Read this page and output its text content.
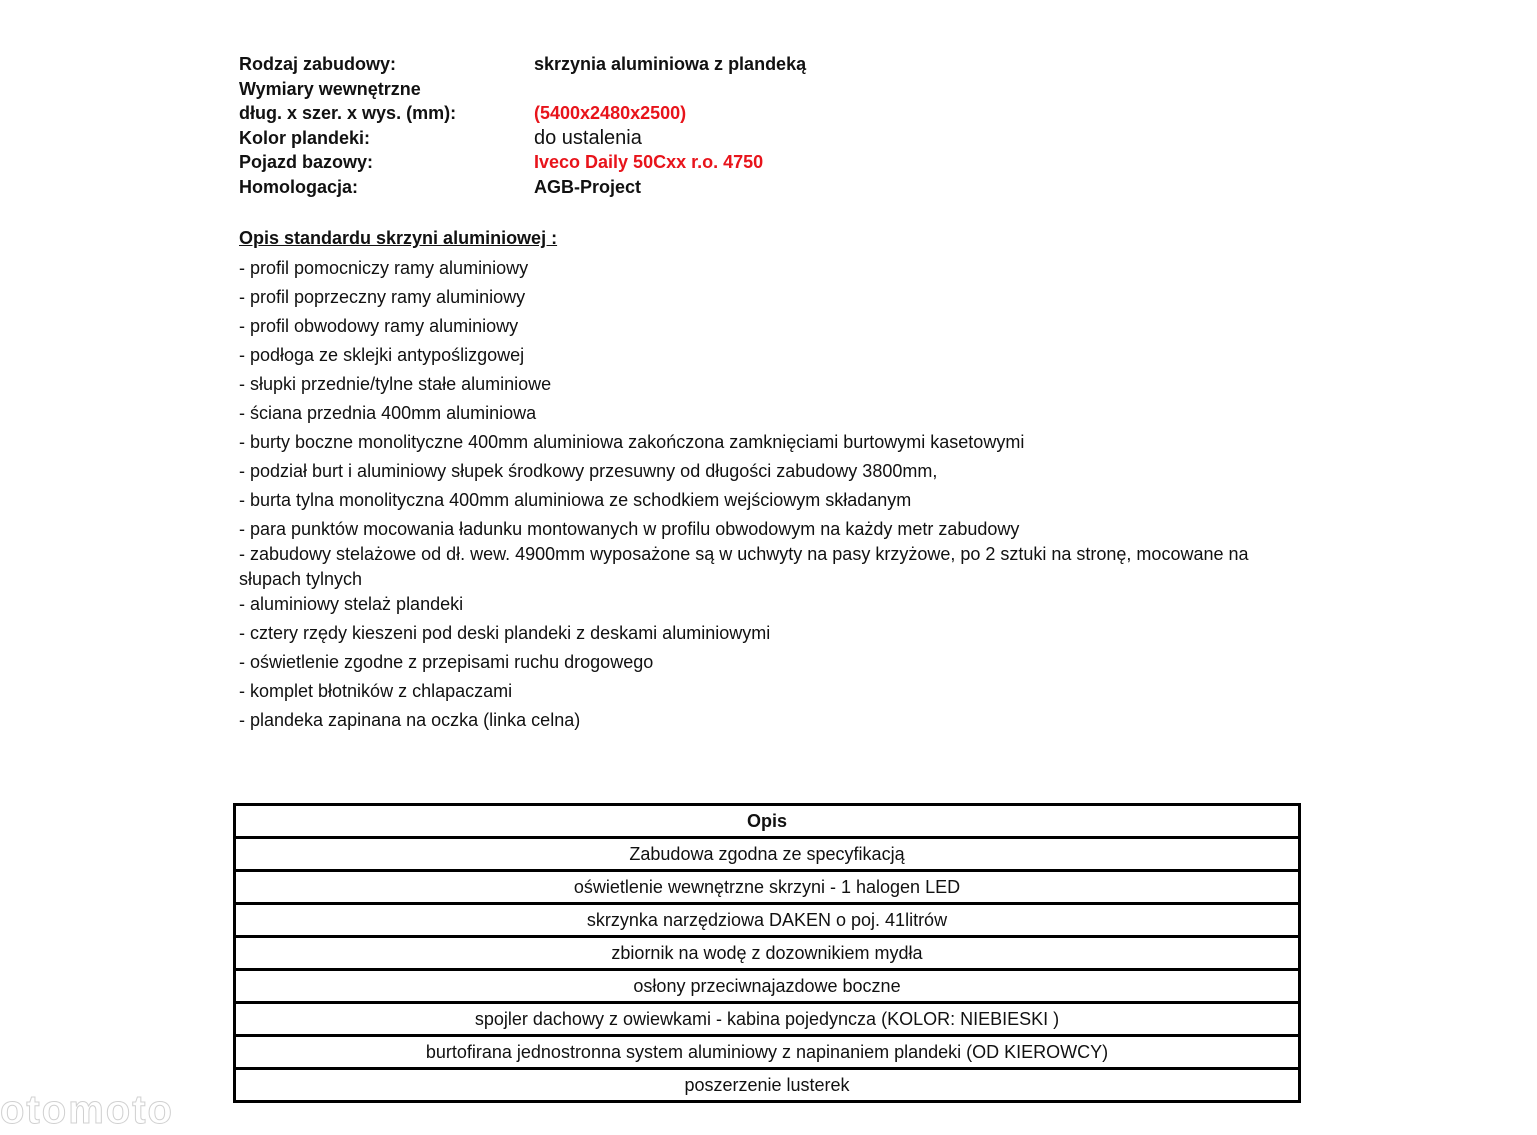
Rodzaj zabudowy:	skrzynia aluminiowa z plandeką
Wymiary wewnętrzne
dług. x szer. x wys. (mm):	(5400x2480x2500)
Kolor plandeki:	do ustalenia
Pojazd bazowy:	Iveco Daily 50Cxx r.o. 4750
Homologacja:	AGB-Project
Opis standardu skrzyni aluminiowej :
- profil pomocniczy ramy aluminiowy
- profil poprzeczny ramy aluminiowy
- profil obwodowy ramy aluminiowy
- podłoga ze sklejki antypoślizgowej
- słupki przednie/tylne stałe aluminiowe
- ściana przednia 400mm aluminiowa
- burty boczne monolityczne 400mm aluminiowa zakończona zamknięciami burtowymi kasetowymi
- podział burt i aluminiowy słupek środkowy przesuwny od długości zabudowy 3800mm,
- burta tylna monolityczna 400mm aluminiowa ze schodkiem wejściowym składanym
- para punktów mocowania ładunku montowanych w profilu obwodowym na każdy metr zabudowy
- zabudowy stelażowe od dł. wew. 4900mm wyposażone są w uchwyty na pasy krzyżowe, po 2 sztuki na stronę, mocowane na słupach tylnych
- aluminiowy stelaż plandeki
- cztery rzędy kieszeni pod deski plandeki z deskami aluminiowymi
- oświetlenie zgodne z przepisami ruchu drogowego
- komplet błotników z chlapaczami
- plandeka zapinana na oczka (linka celna)
Opis
Zabudowa zgodna ze specyfikacją
oświetlenie wewnętrzne skrzyni - 1 halogen LED
skrzynka narzędziowa DAKEN o poj. 41litrów
zbiornik na wodę z dozownikiem mydła
osłony przeciwnajazdowe boczne
spojler dachowy z owiewkami - kabina pojedyncza (KOLOR: NIEBIESKI )
burtofirana jednostronna system aluminiowy z napinaniem plandeki (OD KIEROWCY)
poszerzenie lusterek
otomoto
